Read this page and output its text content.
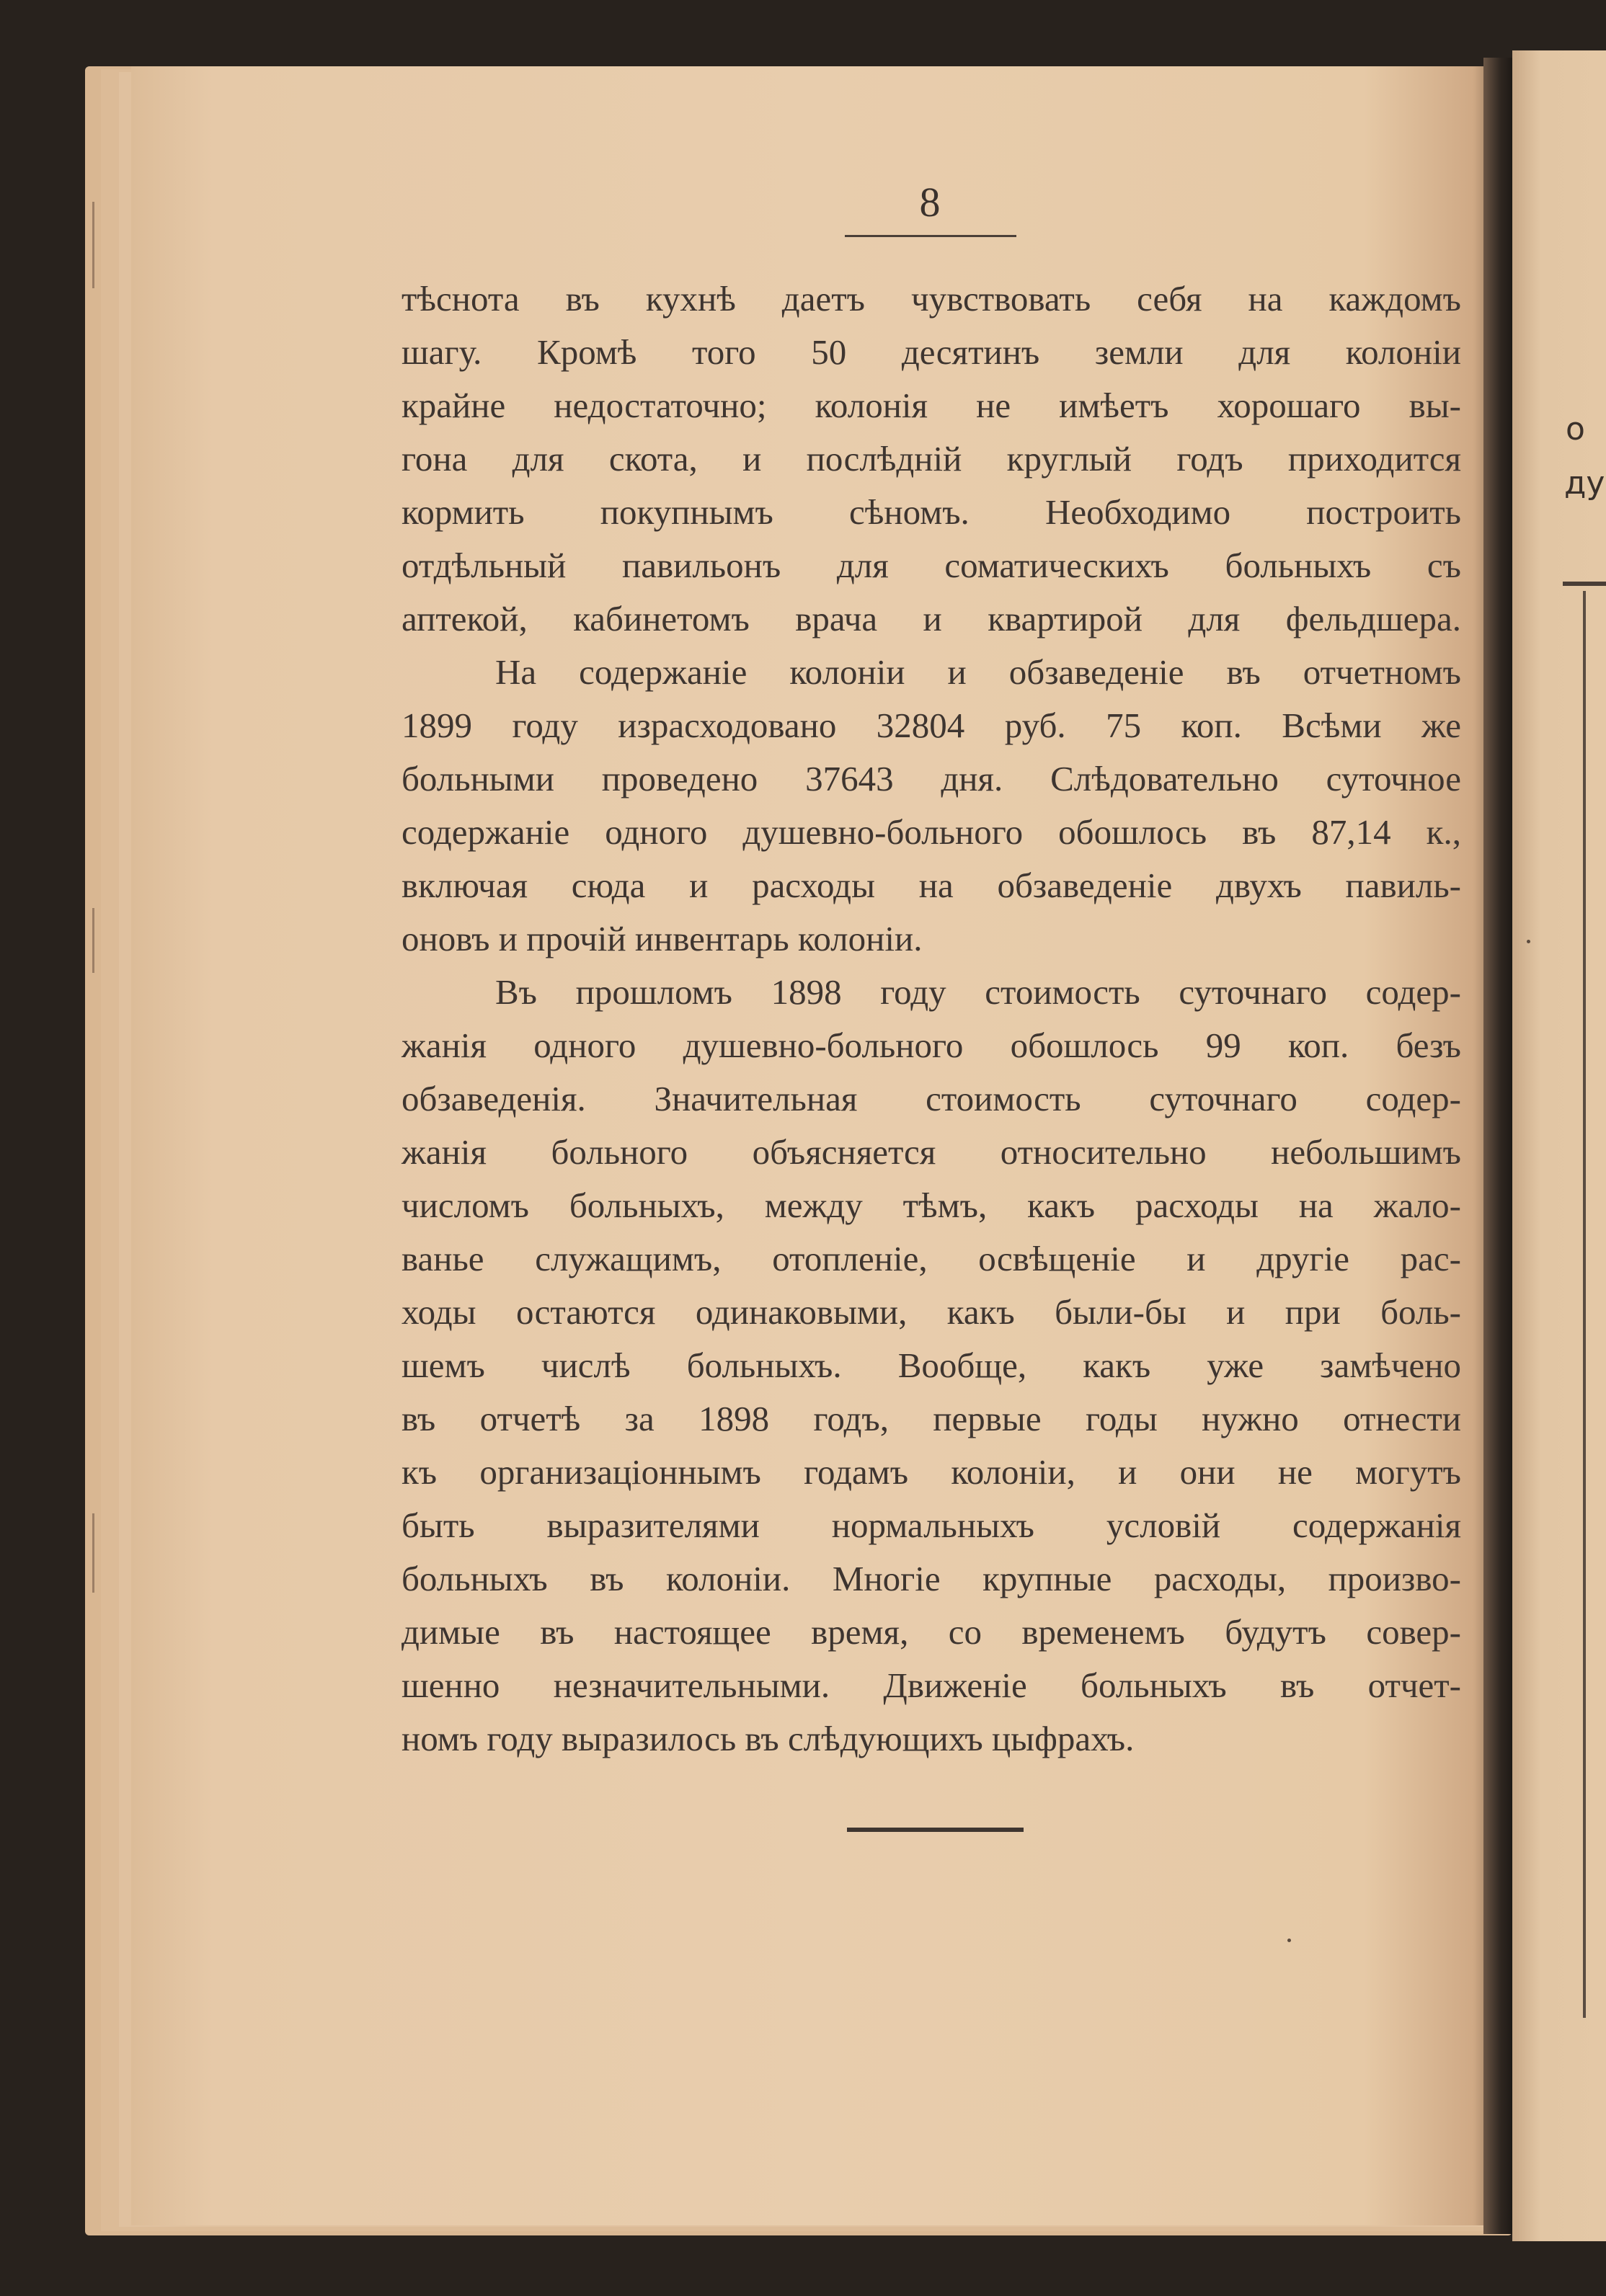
о
ду
8
тѣснота въ кухнѣ даетъ чувствовать себя на каждомъ
шагу. Кромѣ того 50 десятинъ земли для колоніи
крайне недостаточно; колонія не имѣетъ хорошаго вы-
гона для скота, и послѣдній круглый годъ приходится
кормить покупнымъ сѣномъ. Необходимо построить
отдѣльный павильонъ для соматическихъ больныхъ съ
аптекой, кабинетомъ врача и квартирой для фельдшера.
На содержаніе колоніи и обзаведеніе въ отчетномъ
1899 году израсходовано 32804 руб. 75 коп. Всѣми же
больными проведено 37643 дня. Слѣдовательно суточное
содержаніе одного душевно-больного обошлось въ 87,14 к.,
включая сюда и расходы на обзаведеніе двухъ павиль-
оновъ и прочій инвентарь колоніи.
Въ прошломъ 1898 году стоимость суточнаго содер-
жанія одного душевно-больного обошлось 99 коп. безъ
обзаведенія. Значительная стоимость суточнаго содер-
жанія больного объясняется относительно небольшимъ
числомъ больныхъ, между тѣмъ, какъ расходы на жало-
ванье служащимъ, отопленіе, освѣщеніе и другіе рас-
ходы остаются одинаковыми, какъ были-бы и при боль-
шемъ числѣ больныхъ. Вообще, какъ уже замѣчено
въ отчетѣ за 1898 годъ, первые годы нужно отнести
къ организаціоннымъ годамъ колоніи, и они не могутъ
быть выразителями нормальныхъ условій содержанія
больныхъ въ колоніи. Многіе крупные расходы, произво-
димые въ настоящее время, со временемъ будутъ совер-
шенно незначительными. Движеніе больныхъ въ отчет-
номъ году выразилось въ слѣдующихъ цыфрахъ.
